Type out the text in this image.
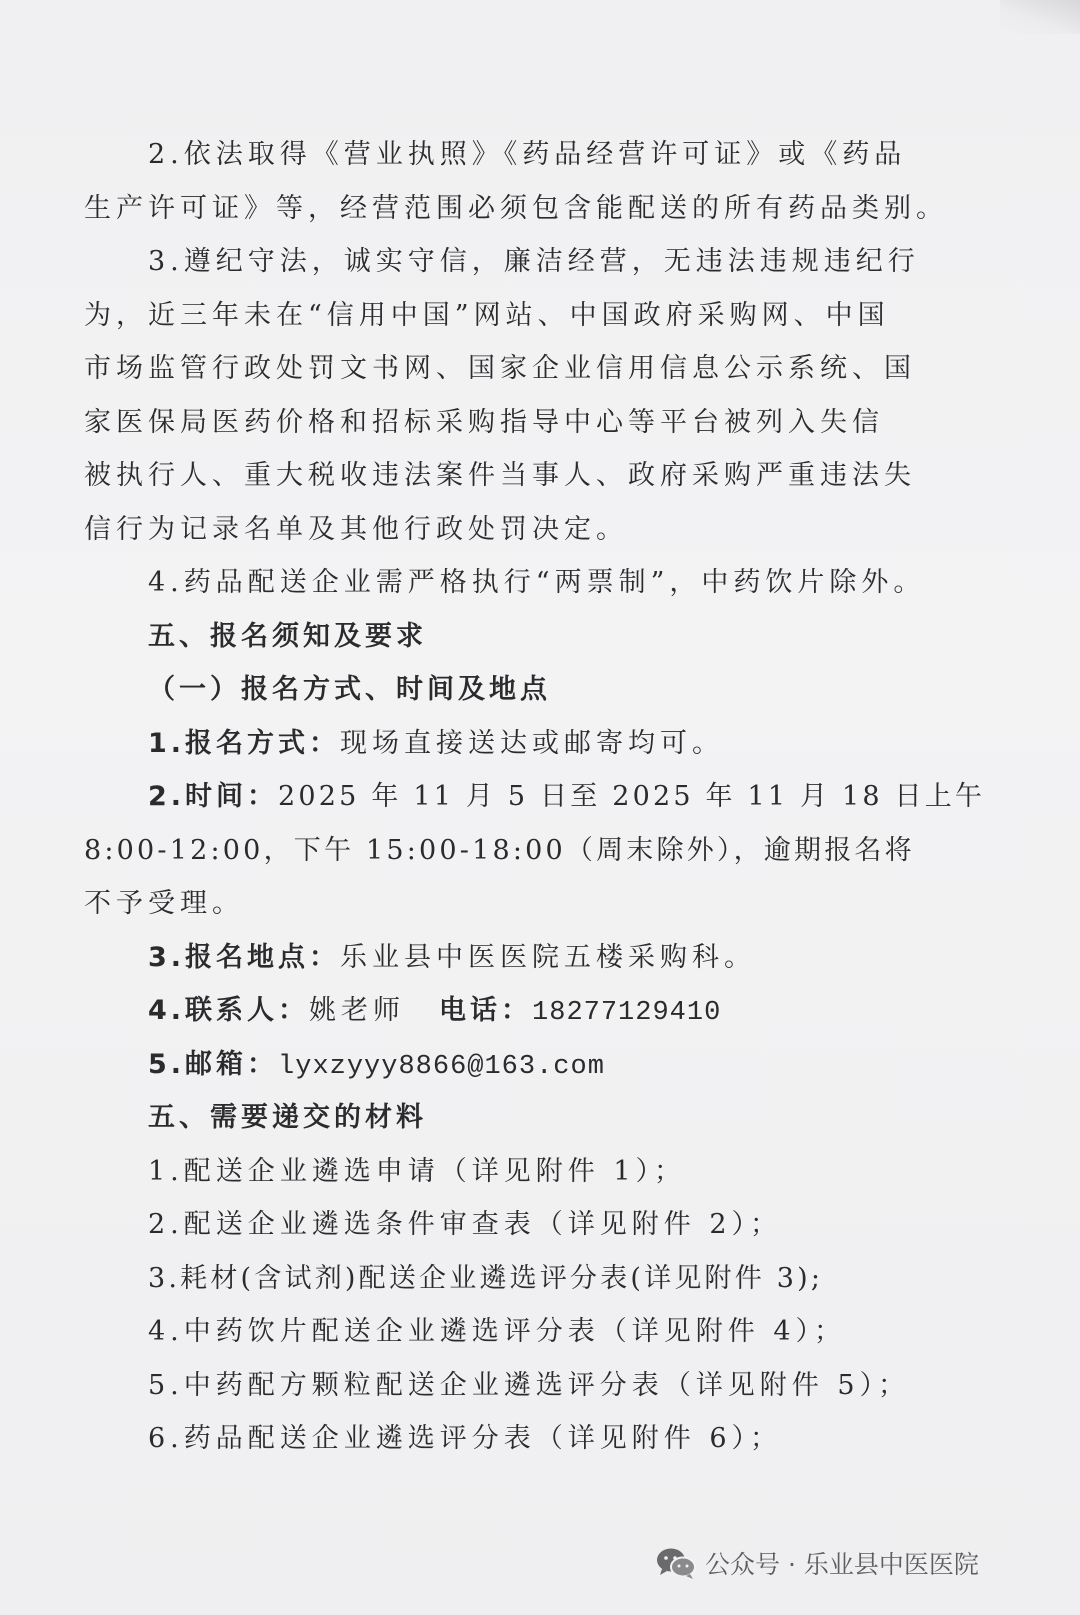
2.依法取得《营业执照》《药品经营许可证》或《药品
生产许可证》等，经营范围必须包含能配送的所有药品类别。
3.遵纪守法，诚实守信，廉洁经营，无违法违规违纪行
为，近三年未在“信用中国”网站、中国政府采购网、中国
市场监管行政处罚文书网、国家企业信用信息公示系统、国
家医保局医药价格和招标采购指导中心等平台被列入失信
被执行人、重大税收违法案件当事人、政府采购严重违法失
信行为记录名单及其他行政处罚决定。
4.药品配送企业需严格执行“两票制”，中药饮片除外。
五、报名须知及要求
（一）报名方式、时间及地点
1.报名方式：现场直接送达或邮寄均可。
2.时间：2025 年 11 月 5 日至 2025 年 11 月 18 日上午
8:00-12:00，下午 15:00-18:00（周末除外），逾期报名将
不予受理。
3.报名地点：乐业县中医医院五楼采购科。
4.联系人：姚老师 电话：18277129410
5.邮箱：lyxzyyy8866@163.com
五、需要递交的材料
1.配送企业遴选申请（详见附件 1）；
2.配送企业遴选条件审查表（详见附件 2）；
3.耗材(含试剂)配送企业遴选评分表(详见附件 3);
4.中药饮片配送企业遴选评分表（详见附件 4）；
5.中药配方颗粒配送企业遴选评分表（详见附件 5）；
6.药品配送企业遴选评分表（详见附件 6）；
公众号 · 乐业县中医医院
